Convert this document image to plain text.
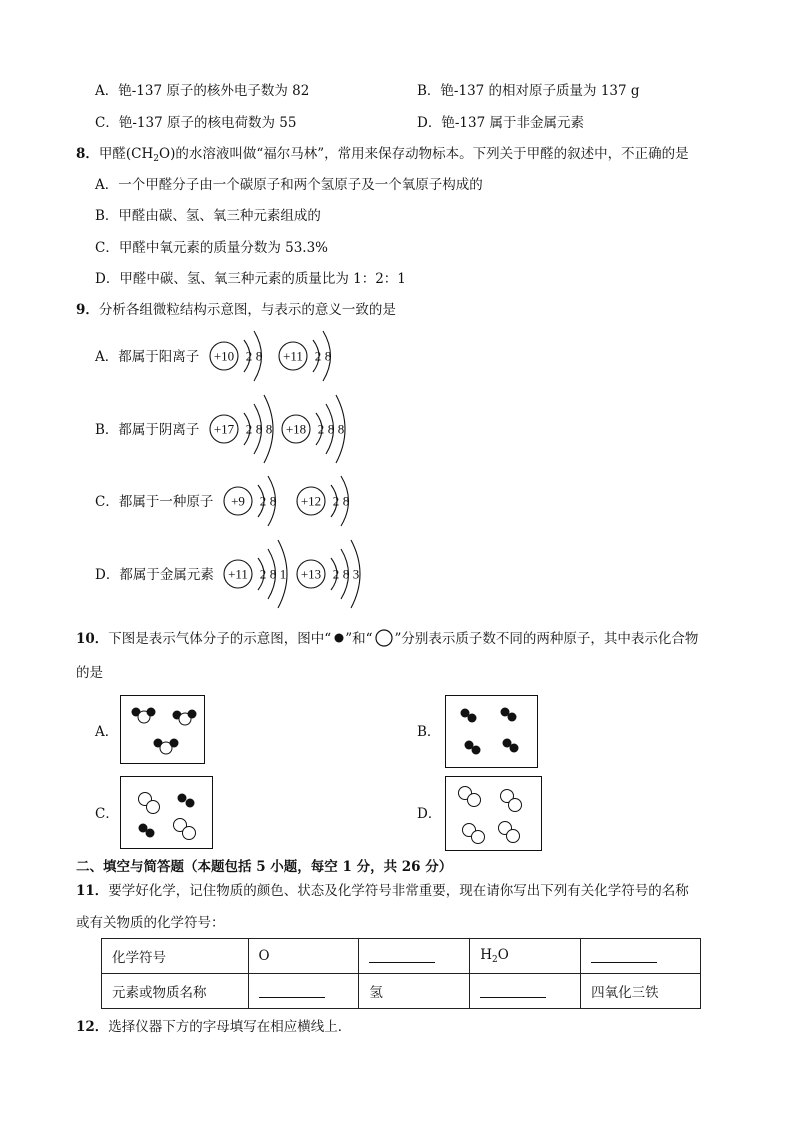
A．铯-137 原子的核外电子数为 82	B．铯-137 的相对原子质量为 137 g
C．铯-137 原子的核电荷数为 55	D．铯-137 属于非金属元素
8．甲醛$(CH_2O)$的水溶液叫做“福尔马林”，常用来保存动物标本。下列关于甲醛的叙述中，不正确的是
A．一个甲醛分子由一个碳原子和两个氢原子及一个氧原子构成的
B．甲醛由碳、氢、氧三种元素组成的
C．甲醛中氧元素的质量分数为 53.3%
D．甲醛中碳、氢、氧三种元素的质量比为 1：2：1
9．分析各组微粒结构示意图，与表示的意义一致的是
A．都属于阳离子
B．都属于阴离子
C．都属于一种原子
D．都属于金属元素
+10 2 8 +11 2 8
+17 2 8 8 +18 2 8 8
+9 2 8 +12 2 8
+11 2 8 1 +13 2 8 3
10．下图是表示气体分子的示意图，图中“ ”和“ ”分别表示质子数不同的两种原子，其中表示化合物
的是
A．	B．
C．	D．
二、填空与简答题（本题包括 5 小题，每空 1 分，共 26 分）
11．要学好化学，记住物质的颜色、状态及化学符号非常重要，现在请你写出下列有关化学符号的名称
或有关物质的化学符号：
化学符号	O		$H_2O$	
元素或物质名称		氢		四氧化三铁
12．选择仪器下方的字母填写在相应横线上．
